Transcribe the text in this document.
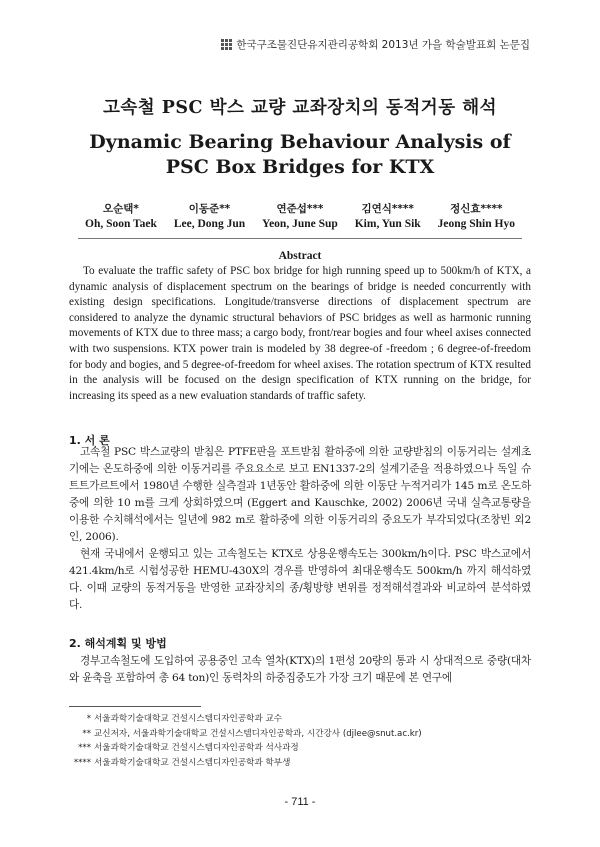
한국구조물진단유지관리공학회 2013년 가을 학술발표회 논문집
고속철 PSC 박스 교량 교좌장치의 동적거동 해석
Dynamic Bearing Behaviour Analysis of
PSC Box Bridges for KTX
오순택*
Oh, Soon Taek
이동준**
Lee, Dong Jun
연준섭***
Yeon, June Sup
김연식****
Kim, Yun Sik
정신효****
Jeong Shin Hyo
Abstract

To evaluate the traffic safety of PSC box bridge for high running speed up to 500km/h of KTX, a dynamic analysis of displacement spectrum on the bearings of bridge is needed concurrently with existing design specifications. Longitude/transverse directions of displacement spectrum are considered to analyze the dynamic structural behaviors of PSC bridges as well as harmonic running movements of KTX due to three mass; a cargo body, front/rear bogies and four wheel axises connected with two suspensions. KTX power train is modeled by 38 degree-of -freedom ; 6 degree-of-freedom for body and bogies, and 5 degree-of-freedom for wheel axises. The rotation spectrum of KTX resulted in the analysis will be focused on the design specification of KTX running on the bridge, for increasing its speed as a new evaluation standards of traffic safety.

1. 서 론

고속철 PSC 박스교량의 받침은 PTFE판을 포트받침 활하중에 의한 교량받침의 이동거리는 설계초기에는 온도하중에 의한 이동거리를 주요요소로 보고 EN1337-2의 설계기준을 적용하였으나 독일 슈트트가르트에서 1980년 수행한 실측결과 1년동안 활하중에 의한 이동단 누적거리가 145 m로 온도하중에 의한 10 m를 크게 상회하였으며 (Eggert and Kauschke, 2002) 2006년 국내 실측교통량을 이용한 수치해석에서는 일년에 982 m로 활하중에 의한 이동거리의 중요도가 부각되었다(조창빈 외2인, 2006).

현재 국내에서 운행되고 있는 고속철도는 KTX로 상용운행속도는 300km/h이다. PSC 박스교에서 421.4km/h로 시험성공한 HEMU-430X의 경우를 반영하여 최대운행속도 500km/h 까지 해석하였다. 이때 교량의 동적거동을 반영한 교좌장치의 종/횡방향 변위를 정적해석결과와 비교하여 분석하였다.

2. 해석계획 및 방법

경부고속철도에 도입하여 공용중인 고속 열차(KTX)의 1편성 20량의 통과 시 상대적으로 중량(대차와 윤축을 포함하여 총 64 ton)인 동력차의 하중집중도가 가장 크기 때문에 본 연구에

* 서울과학기술대학교 건설시스템디자인공학과 교수
** 교신저자, 서울과학기술대학교 건설시스템디자인공학과, 시간강사 (djlee@snut.ac.kr)
*** 서울과학기술대학교 건설시스템디자인공학과 석사과정
**** 서울과학기술대학교 건설시스템디자인공학과 학부생
- 711 -
